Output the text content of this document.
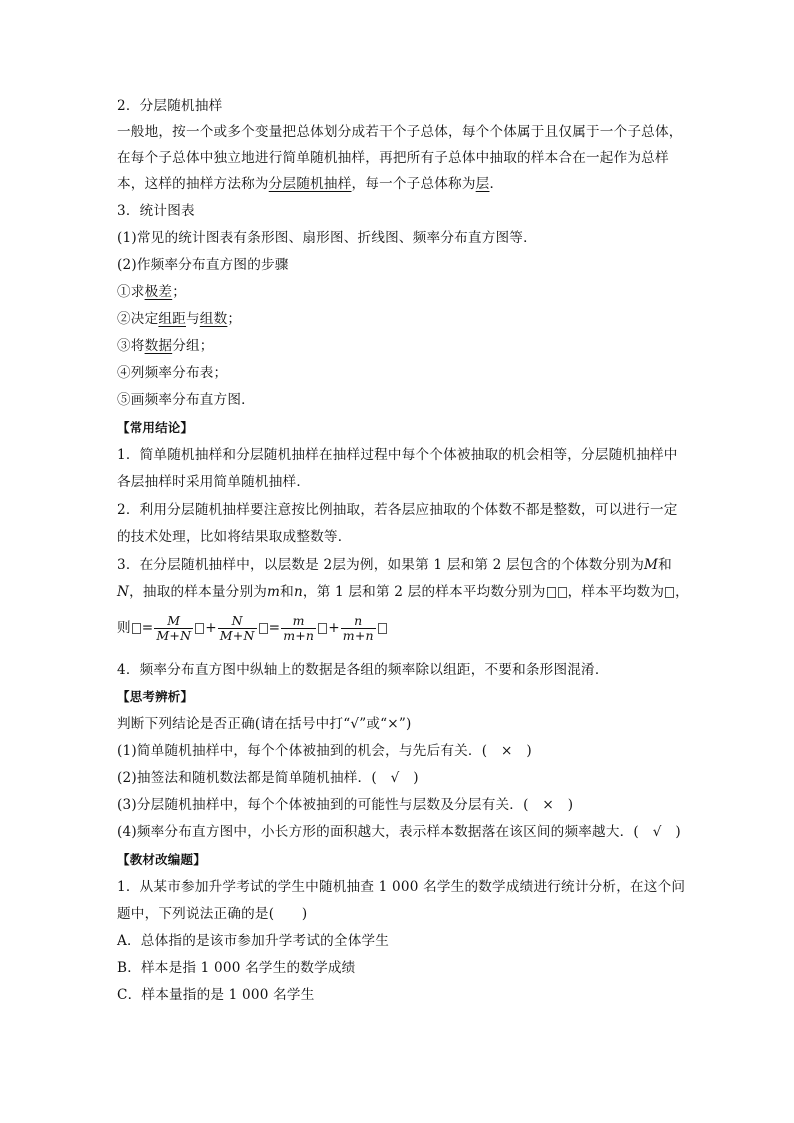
2．分层随机抽样
一般地，按一个或多个变量把总体划分成若干个子总体，每个个体属于且仅属于一个子总体，
在每个子总体中独立地进行简单随机抽样，再把所有子总体中抽取的样本合在一起作为总样
本，这样的抽样方法称为分层随机抽样，每一个子总体称为层．
3．统计图表
(1)常见的统计图表有条形图、扇形图、折线图、频率分布直方图等．
(2)作频率分布直方图的步骤
①求极差；
②决定组距与组数；
③将数据分组；
④列频率分布表；
⑤画频率分布直方图．
【常用结论】
1．简单随机抽样和分层随机抽样在抽样过程中每个个体被抽取的机会相等，分层随机抽样中
各层抽样时采用简单随机抽样．
2．利用分层随机抽样要注意按比例抽取，若各层应抽取的个体数不都是整数，可以进行一定
的技术处理，比如将结果取成整数等．
3．在分层随机抽样中，以层数是 2层为例，如果第 1 层和第 2 层包含的个体数分别为M和
N，抽取的样本量分别为m和n，第 1 层和第 2 层的样本平均数分别为 ，样本平均数为 ，
则 = $\frac{M}{M+N} + \frac{N}{M+N} = \frac{m}{m+n} + \frac{n}{m+n}$
4．频率分布直方图中纵轴上的数据是各组的频率除以组距，不要和条形图混淆．
【思考辨析】
判断下列结论是否正确(请在括号中打“√”或“×”)
(1)简单随机抽样中，每个个体被抽到的机会，与先后有关．(　×　)
(2)抽签法和随机数法都是简单随机抽样．(　√　)
(3)分层随机抽样中，每个个体被抽到的可能性与层数及分层有关．(　×　)
(4)频率分布直方图中，小长方形的面积越大，表示样本数据落在该区间的频率越大．(　√　)
【教材改编题】
1．从某市参加升学考试的学生中随机抽查 1 000 名学生的数学成绩进行统计分析，在这个问
题中，下列说法正确的是(　　)
A．总体指的是该市参加升学考试的全体学生
B．样本是指 1 000 名学生的数学成绩
C．样本量指的是 1 000 名学生
